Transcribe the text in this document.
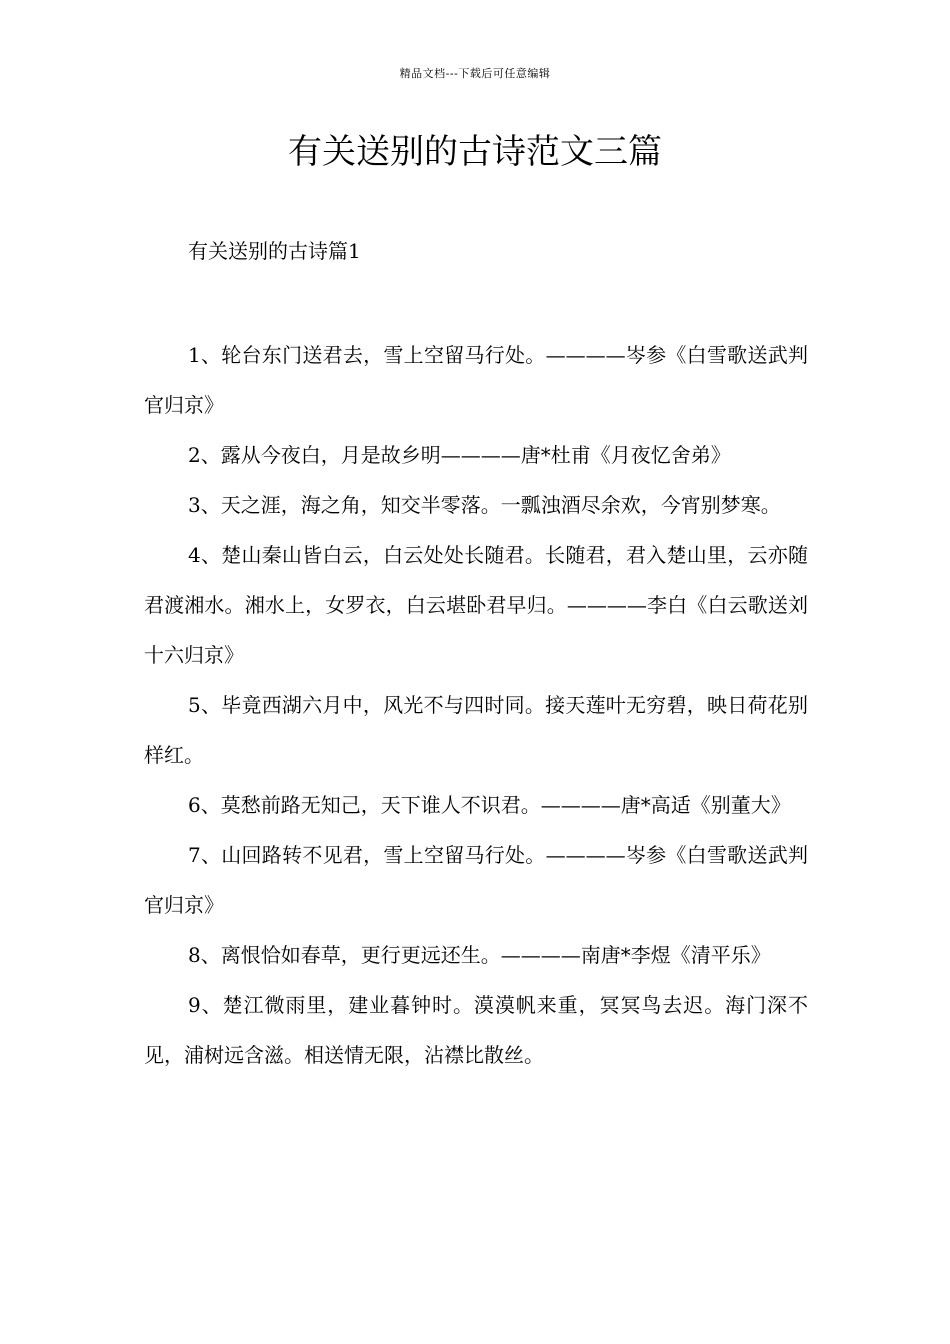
精品文档---下载后可任意编辑
有关送别的古诗范文三篇
有关送别的古诗篇1
1、轮台东门送君去，雪上空留马行处。————岑参《白雪歌送武判官归京》
2、露从今夜白，月是故乡明————唐*杜甫《月夜忆舍弟》
3、天之涯，海之角，知交半零落。一瓢浊酒尽余欢，今宵别梦寒。
4、楚山秦山皆白云，白云处处长随君。长随君，君入楚山里，云亦随君渡湘水。湘水上，女罗衣，白云堪卧君早归。————李白《白云歌送刘十六归京》
5、毕竟西湖六月中，风光不与四时同。接天莲叶无穷碧，映日荷花别样红。
6、莫愁前路无知己，天下谁人不识君。————唐*高适《别董大》
7、山回路转不见君，雪上空留马行处。————岑参《白雪歌送武判官归京》
8、离恨恰如春草，更行更远还生。————南唐*李煜《清平乐》
9、楚江微雨里，建业暮钟时。漠漠帆来重，冥冥鸟去迟。海门深不见，浦树远含滋。相送情无限，沾襟比散丝。
